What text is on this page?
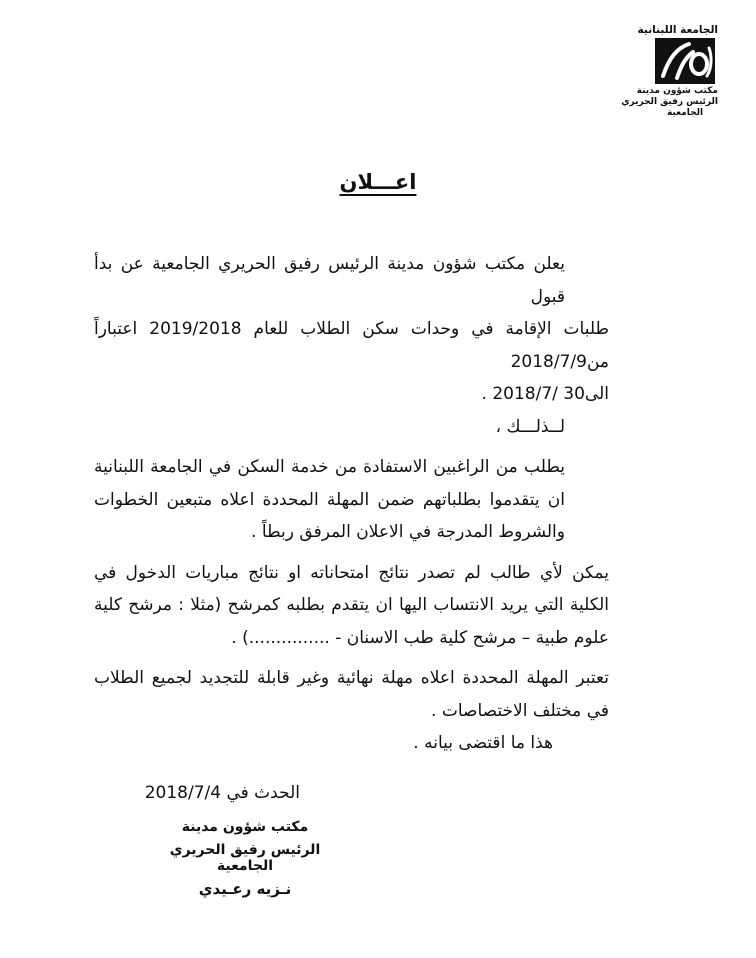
الجامعة اللبنانية
مكتب شؤون مدينة
الرئيس رفيق الحريري
الجامعية
اعـــلان

يعلن مكتب شؤون مدينة الرئيس رفيق الحريري الجامعية عن بدأ قبول
طلبات الإقامة في وحدات سكن الطلاب للعام 2019/2018 اعتباراً من2018/7/9
الى30 /2018/7 .

لــذلـــك ،

يطلب من الراغبين الاستفادة من خدمة السكن في الجامعة اللبنانية ان يتقدموا بطلباتهم ضمن المهلة المحددة اعلاه متبعين الخطوات والشروط المدرجة في الاعلان المرفق ربطاً .

يمكن لأي طالب لم تصدر نتائج امتحاناته او نتائج مباريات الدخول في الكلية التي يريد الانتساب اليها ان يتقدم بطلبه كمرشح (مثلا : مرشح كلية علوم طبية – مرشح كلية طب الاسنان - ...............) .

تعتبر المهلة المحددة اعلاه مهلة نهائية وغير قابلة للتجديد لجميع الطلاب في مختلف الاختصاصات .

هذا ما اقتضى بيانه .

الحدث في 2018/7/4
مكتب شؤون مدينة
الرئيس رفيق الحريري الجامعية
نـزيه رعـيدي
